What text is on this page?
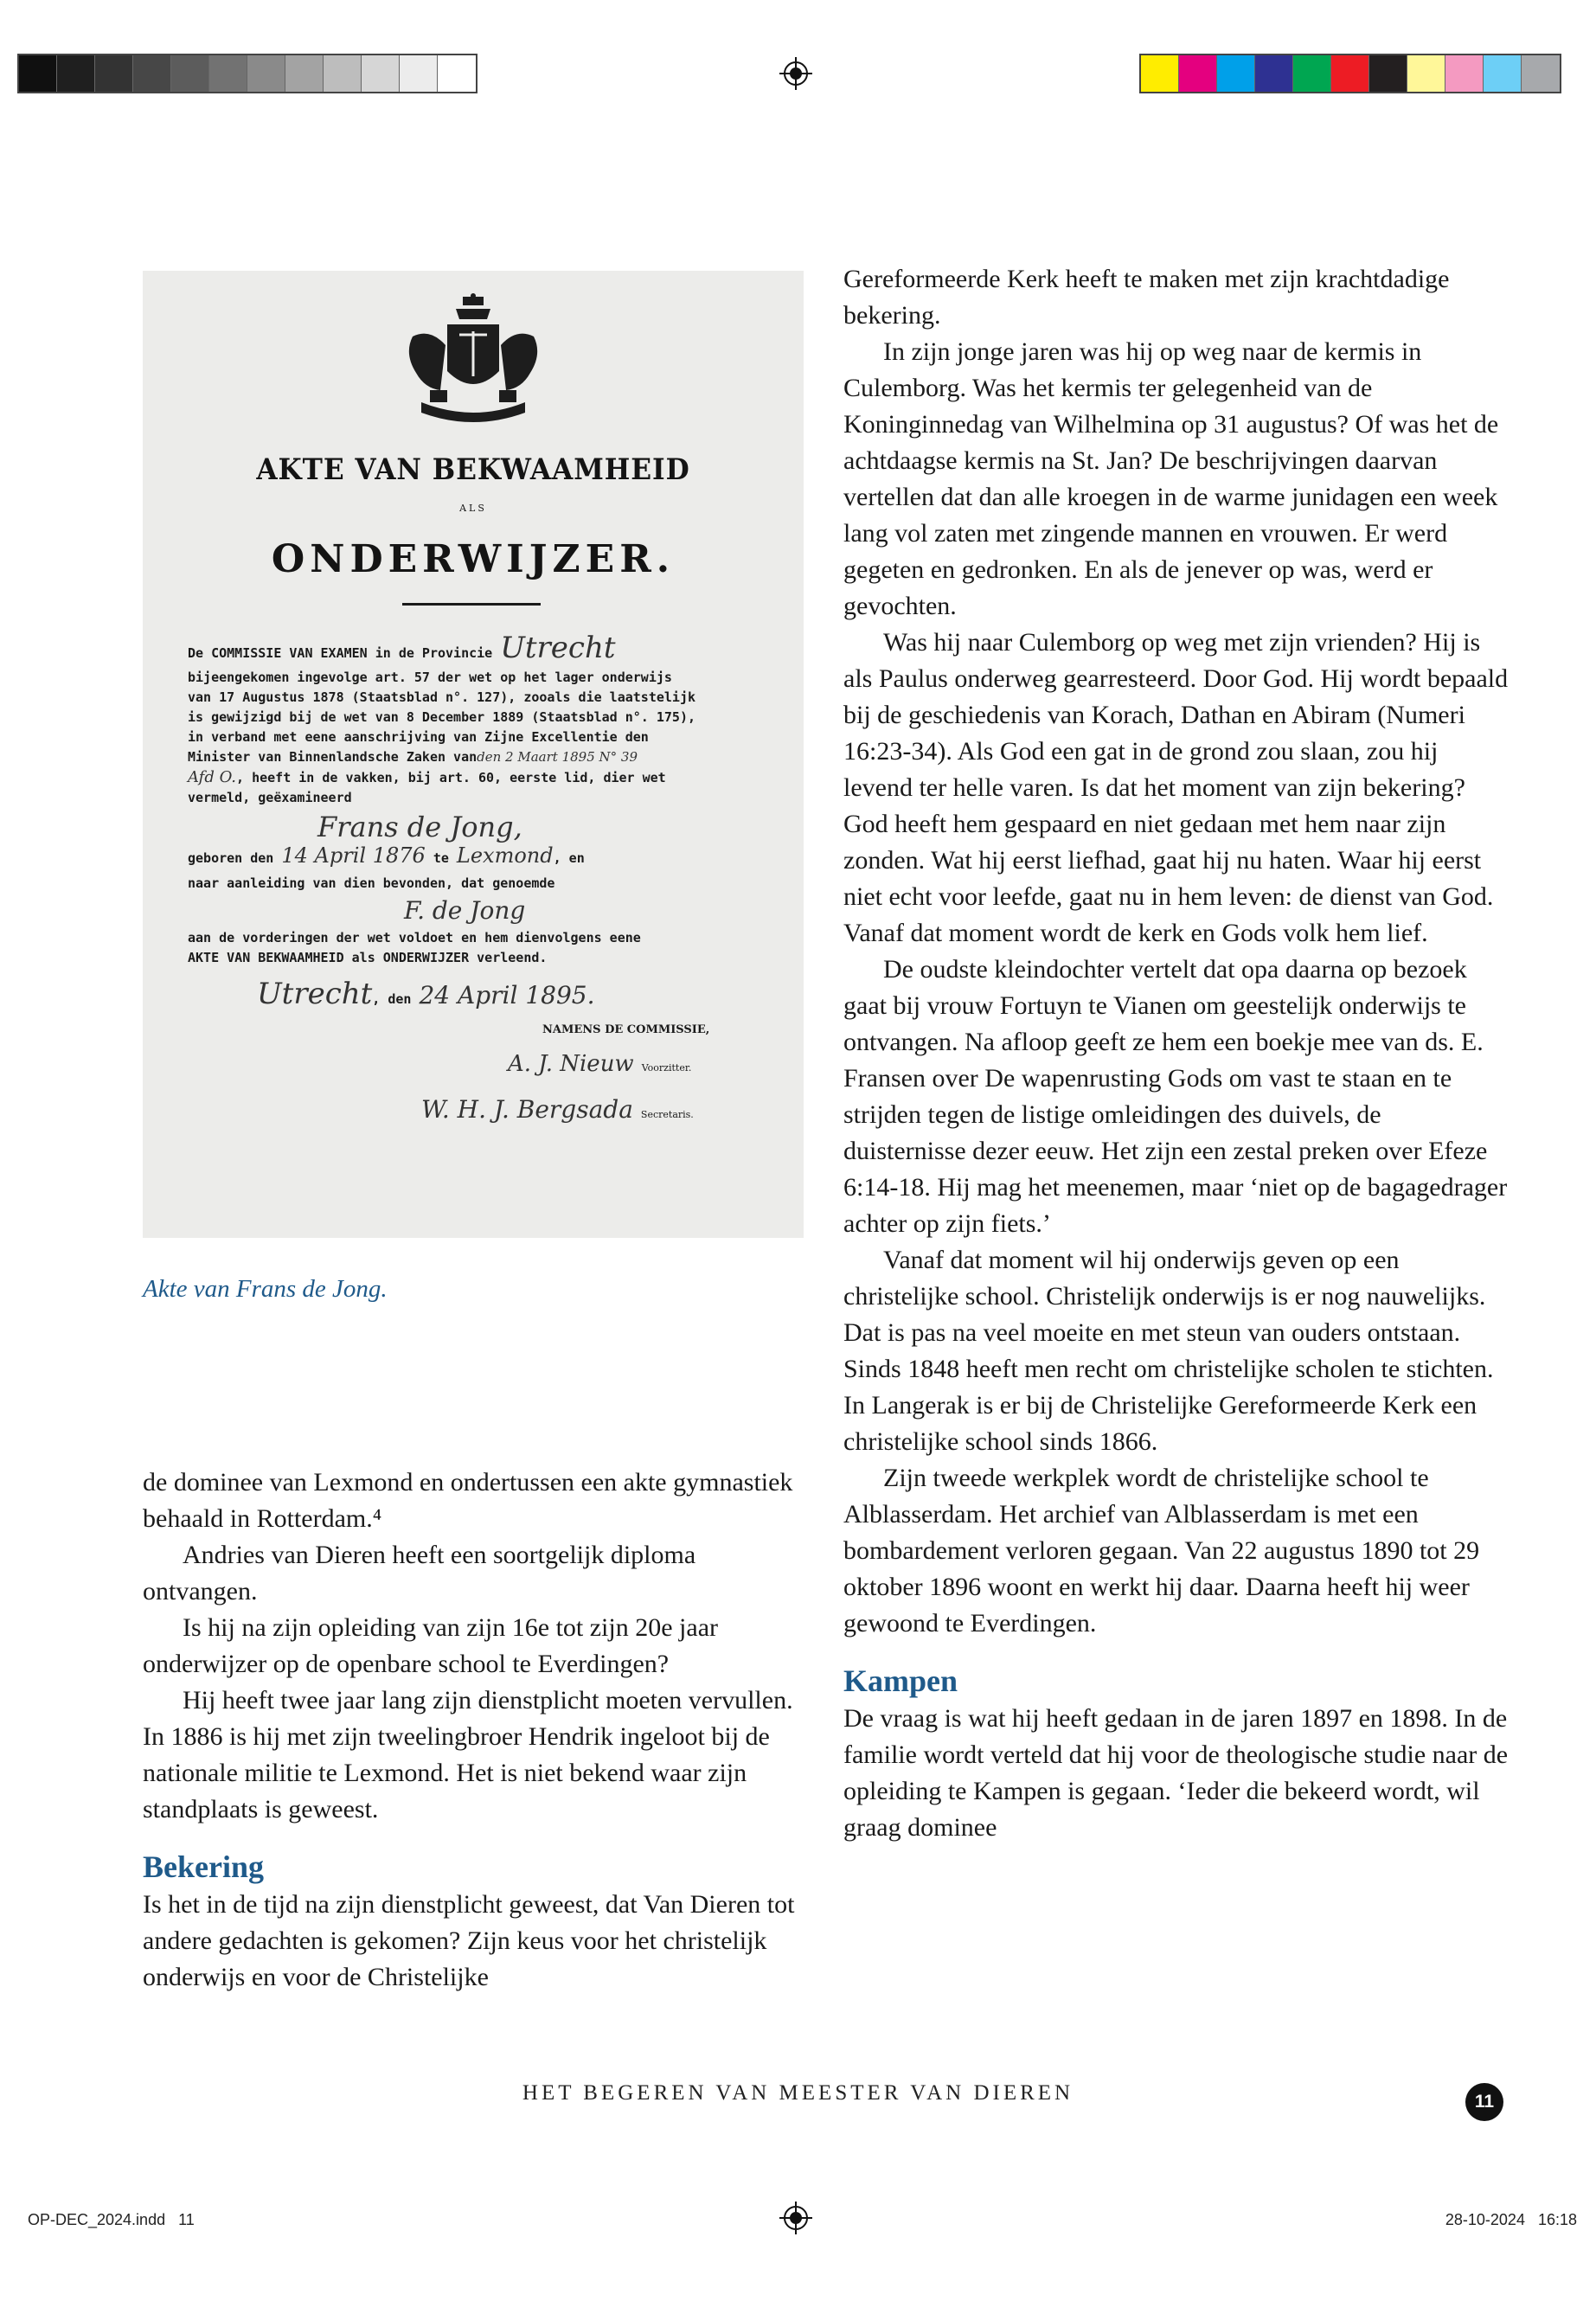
AKTE VAN BEKWAAMHEID
ALS
ONDERWIJZER.
De COMMISSIE VAN EXAMEN in de Provincie Utrecht
bijeengekomen ingevolge art. 57 der wet op het lager onderwijs
van 17 Augustus 1878 (Staatsblad n°. 127), zooals die laatstelijk
is gewijzigd bij de wet van 8 December 1889 (Staatsblad n°. 175),
in verband met eene aanschrijving van Zijne Excellentie den
Minister van Binnenlandsche Zaken vanden 2 Maart 1895 N° 39
Afd O., heeft in de vakken, bij art. 60, eerste lid, dier wet
vermeld, geëxamineerd
Frans de Jong,
geboren den 14 April 1876 te Lexmond, en
naar aanleiding van dien bevonden, dat genoemde
F. de Jong
aan de vorderingen der wet voldoet en hem dienvolgens eene
AKTE VAN BEKWAAMHEID als ONDERWIJZER verleend.
Utrecht, den 24 April 1895.
NAMENS DE COMMISSIE,
A. J. Nieuw Voorzitter.
W. H. J. Bergsada Secretaris.
Akte van Frans de Jong.

de dominee van Lexmond en ondertussen een akte gymnastiek behaald in Rotterdam.⁴

Andries van Dieren heeft een soortgelijk diploma ontvangen.

Is hij na zijn opleiding van zijn 16e tot zijn 20e jaar onderwijzer op de openbare school te Everdingen?

Hij heeft twee jaar lang zijn dienstplicht moeten vervullen. In 1886 is hij met zijn tweelingbroer Hendrik ingeloot bij de nationale militie te Lexmond. Het is niet bekend waar zijn standplaats is geweest.

Bekering

Is het in de tijd na zijn dienstplicht geweest, dat Van Dieren tot andere gedachten is gekomen? Zijn keus voor het christelijk onderwijs en voor de Christelijke

Gereformeerde Kerk heeft te maken met zijn krachtdadige bekering.

In zijn jonge jaren was hij op weg naar de kermis in Culemborg. Was het kermis ter gelegenheid van de Koninginnedag van Wilhelmina op 31 augustus? Of was het de achtdaagse kermis na St. Jan? De beschrijvingen daarvan vertellen dat dan alle kroegen in de warme junidagen een week lang vol zaten met zingende mannen en vrouwen. Er werd gegeten en gedronken. En als de jenever op was, werd er gevochten.

Was hij naar Culemborg op weg met zijn vrienden? Hij is als Paulus onderweg gearresteerd. Door God. Hij wordt bepaald bij de geschiedenis van Korach, Dathan en Abiram (Numeri 16:23-34). Als God een gat in de grond zou slaan, zou hij levend ter helle varen. Is dat het moment van zijn bekering? God heeft hem gespaard en niet gedaan met hem naar zijn zonden. Wat hij eerst liefhad, gaat hij nu haten. Waar hij eerst niet echt voor leefde, gaat nu in hem leven: de dienst van God. Vanaf dat moment wordt de kerk en Gods volk hem lief.

De oudste kleindochter vertelt dat opa daarna op bezoek gaat bij vrouw Fortuyn te Vianen om geestelijk onderwijs te ontvangen. Na afloop geeft ze hem een boekje mee van ds. E. Fransen over De wapenrusting Gods om vast te staan en te strijden tegen de listige omleidingen des duivels, de duisternisse dezer eeuw. Het zijn een zestal preken over Efeze 6:14-18. Hij mag het meenemen, maar ‘niet op de bagagedrager achter op zijn fiets.’

Vanaf dat moment wil hij onderwijs geven op een christelijke school. Christelijk onderwijs is er nog nauwelijks. Dat is pas na veel moeite en met steun van ouders ontstaan. Sinds 1848 heeft men recht om christelijke scholen te stichten. In Langerak is er bij de Christelijke Gereformeerde Kerk een christelijke school sinds 1866.

Zijn tweede werkplek wordt de christelijke school te Alblasserdam. Het archief van Alblasserdam is met een bombardement verloren gegaan. Van 22 augustus 1890 tot 29 oktober 1896 woont en werkt hij daar. Daarna heeft hij weer gewoond te Everdingen.

Kampen

De vraag is wat hij heeft gedaan in de jaren 1897 en 1898. In de familie wordt verteld dat hij voor de theologische studie naar de opleiding te Kampen is gegaan. ‘Ieder die bekeerd wordt, wil graag dominee

HET BEGEREN VAN MEESTER VAN DIEREN	11
OP-DEC_2024.indd   11	28-10-2024   16:18
